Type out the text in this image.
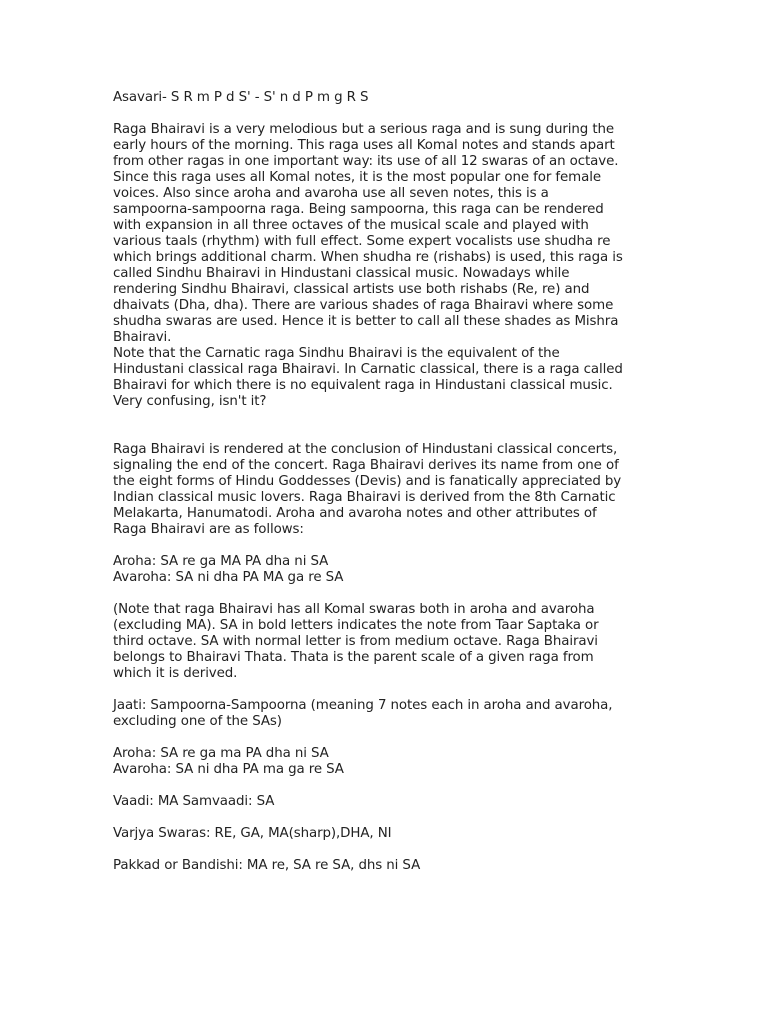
Asavari- S R m P d S' - S' n d P m g R S

Raga Bhairavi is a very melodious but a serious raga and is sung during the
early hours of the morning. This raga uses all Komal notes and stands apart
from other ragas in one important way: its use of all 12 swaras of an octave.
Since this raga uses all Komal notes, it is the most popular one for female
voices. Also since aroha and avaroha use all seven notes, this is a
sampoorna-sampoorna raga. Being sampoorna, this raga can be rendered
with expansion in all three octaves of the musical scale and played with
various taals (rhythm) with full effect. Some expert vocalists use shudha re
which brings additional charm. When shudha re (rishabs) is used, this raga is
called Sindhu Bhairavi in Hindustani classical music. Nowadays while
rendering Sindhu Bhairavi, classical artists use both rishabs (Re, re) and
dhaivats (Dha, dha). There are various shades of raga Bhairavi where some
shudha swaras are used. Hence it is better to call all these shades as Mishra
Bhairavi.

Note that the Carnatic raga Sindhu Bhairavi is the equivalent of the
Hindustani classical raga Bhairavi. In Carnatic classical, there is a raga called
Bhairavi for which there is no equivalent raga in Hindustani classical music.
Very confusing, isn't it?

Raga Bhairavi is rendered at the conclusion of Hindustani classical concerts,
signaling the end of the concert. Raga Bhairavi derives its name from one of
the eight forms of Hindu Goddesses (Devis) and is fanatically appreciated by
Indian classical music lovers. Raga Bhairavi is derived from the 8th Carnatic
Melakarta, Hanumatodi. Aroha and avaroha notes and other attributes of
Raga Bhairavi are as follows:

Aroha: SA re ga MA PA dha ni SA

Avaroha: SA ni dha PA MA ga re SA

(Note that raga Bhairavi has all Komal swaras both in aroha and avaroha
(excluding MA). SA in bold letters indicates the note from Taar Saptaka or
third octave. SA with normal letter is from medium octave. Raga Bhairavi
belongs to Bhairavi Thata. Thata is the parent scale of a given raga from
which it is derived.

Jaati: Sampoorna-Sampoorna (meaning 7 notes each in aroha and avaroha,
excluding one of the SAs)

Aroha: SA re ga ma PA dha ni SA

Avaroha: SA ni dha PA ma ga re SA

Vaadi: MA Samvaadi: SA

Varjya Swaras: RE, GA, MA(sharp),DHA, NI

Pakkad or Bandishi: MA re, SA re SA, dhs ni SA
